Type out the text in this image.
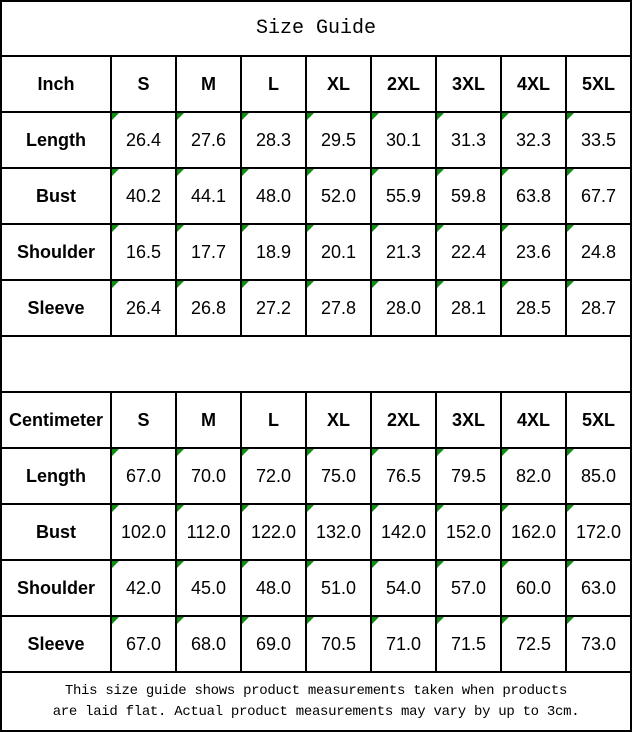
Size Guide								
Inch	S	M	L	XL	2XL	3XL	4XL	5XL
Length	26.4	27.6	28.3	29.5	30.1	31.3	32.3	33.5
Bust	40.2	44.1	48.0	52.0	55.9	59.8	63.8	67.7
Shoulder	16.5	17.7	18.9	20.1	21.3	22.4	23.6	24.8
Sleeve	26.4	26.8	27.2	27.8	28.0	28.1	28.5	28.7

Centimeter	S	M	L	XL	2XL	3XL	4XL	5XL
Length	67.0	70.0	72.0	75.0	76.5	79.5	82.0	85.0
Bust	102.0	112.0	122.0	132.0	142.0	152.0	162.0	172.0
Shoulder	42.0	45.0	48.0	51.0	54.0	57.0	60.0	63.0
Sleeve	67.0	68.0	69.0	70.5	71.0	71.5	72.5	73.0

This size guide shows product measurements taken when products
are laid flat. Actual product measurements may vary by up to 3cm.								
